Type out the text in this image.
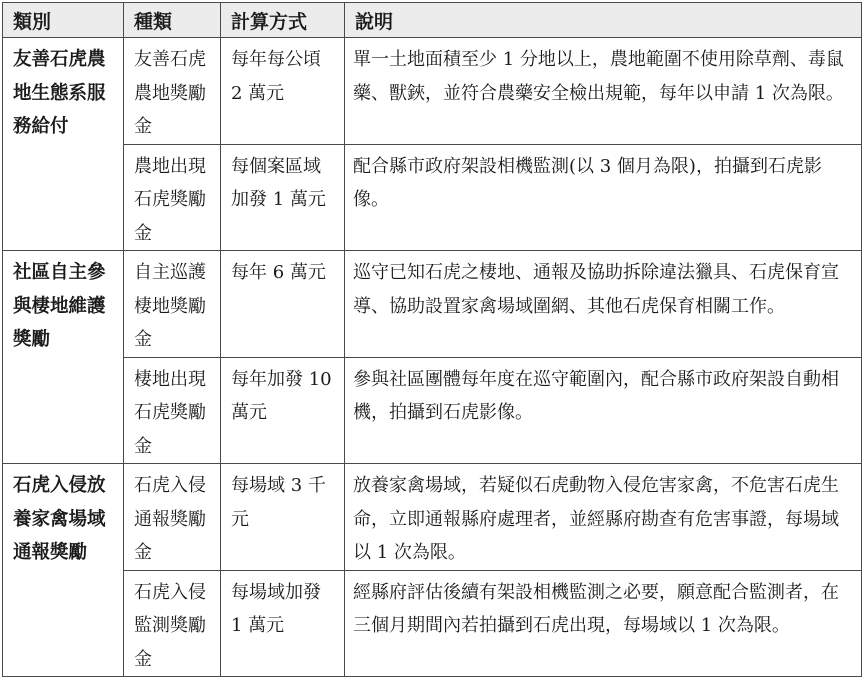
類別	種類	計算方式	說明
友善石虎農地生態系服務給付	友善石虎農地獎勵金	每年每公頃 2 萬元	單一土地面積至少 1 分地以上，農地範圍不使用除草劑、毒鼠藥、獸鋏，並符合農藥安全檢出規範，每年以申請 1 次為限。
	農地出現石虎獎勵金	每個案區域加發 1 萬元	配合縣市政府架設相機監測(以 3 個月為限)，拍攝到石虎影像。
社區自主參與棲地維護獎勵	自主巡護棲地獎勵金	每年 6 萬元	巡守已知石虎之棲地、通報及協助拆除違法獵具、石虎保育宣導、協助設置家禽場域圍網、其他石虎保育相關工作。
	棲地出現石虎獎勵金	每年加發 10 萬元	參與社區團體每年度在巡守範圍內，配合縣市政府架設自動相機，拍攝到石虎影像。
石虎入侵放養家禽場域通報獎勵	石虎入侵通報獎勵金	每場域 3 千元	放養家禽場域，若疑似石虎動物入侵危害家禽，不危害石虎生命，立即通報縣府處理者，並經縣府勘查有危害事證，每場域以 1 次為限。
	石虎入侵監測獎勵金	每場域加發 1 萬元	經縣府評估後續有架設相機監測之必要，願意配合監測者，在三個月期間內若拍攝到石虎出現，每場域以 1 次為限。
